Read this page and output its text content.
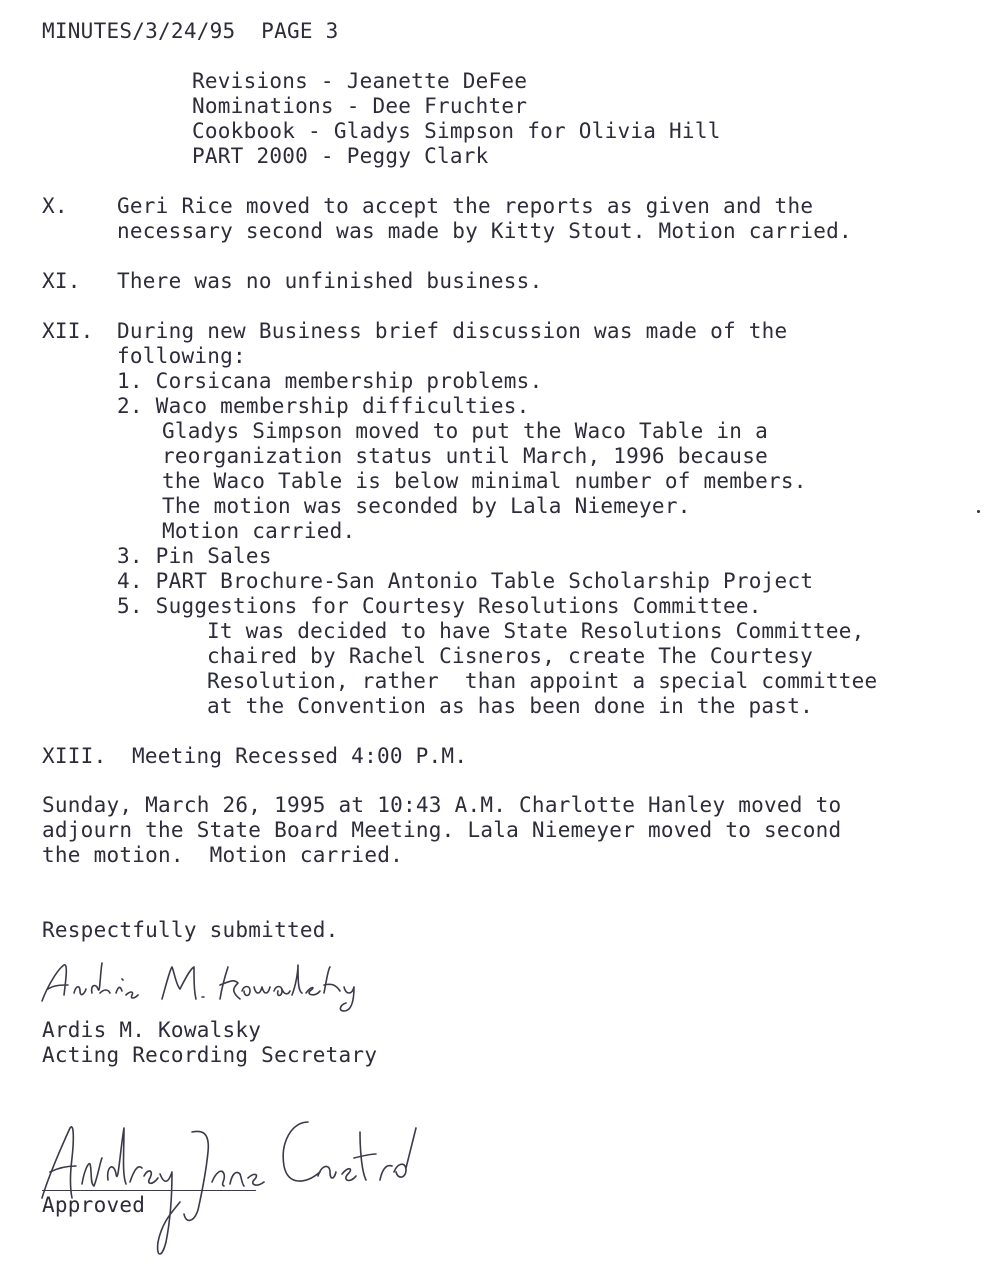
MINUTES/3/24/95  PAGE 3
Revisions - Jeanette DeFee
Nominations - Dee Fruchter
Cookbook - Gladys Simpson for Olivia Hill
PART 2000 - Peggy Clark
X. Geri Rice moved to accept the reports as given and the
necessary second was made by Kitty Stout. Motion carried.
XI. There was no unfinished business.
XII. During new Business brief discussion was made of the
following:
1. Corsicana membership problems.
2. Waco membership difficulties.
Gladys Simpson moved to put the Waco Table in a
reorganization status until March, 1996 because
the Waco Table is below minimal number of members.
The motion was seconded by Lala Niemeyer.
Motion carried.
3. Pin Sales
4. PART Brochure-San Antonio Table Scholarship Project
5. Suggestions for Courtesy Resolutions Committee.
It was decided to have State Resolutions Committee,
chaired by Rachel Cisneros, create The Courtesy
Resolution, rather  than appoint a special committee
at the Convention as has been done in the past.
XIII. Meeting Recessed 4:00 P.M.
Sunday, March 26, 1995 at 10:43 A.M. Charlotte Hanley moved to
adjourn the State Board Meeting. Lala Niemeyer moved to second
the motion.  Motion carried.
Respectfully submitted.
Ardis M. Kowalsky
Acting Recording Secretary
Approved
